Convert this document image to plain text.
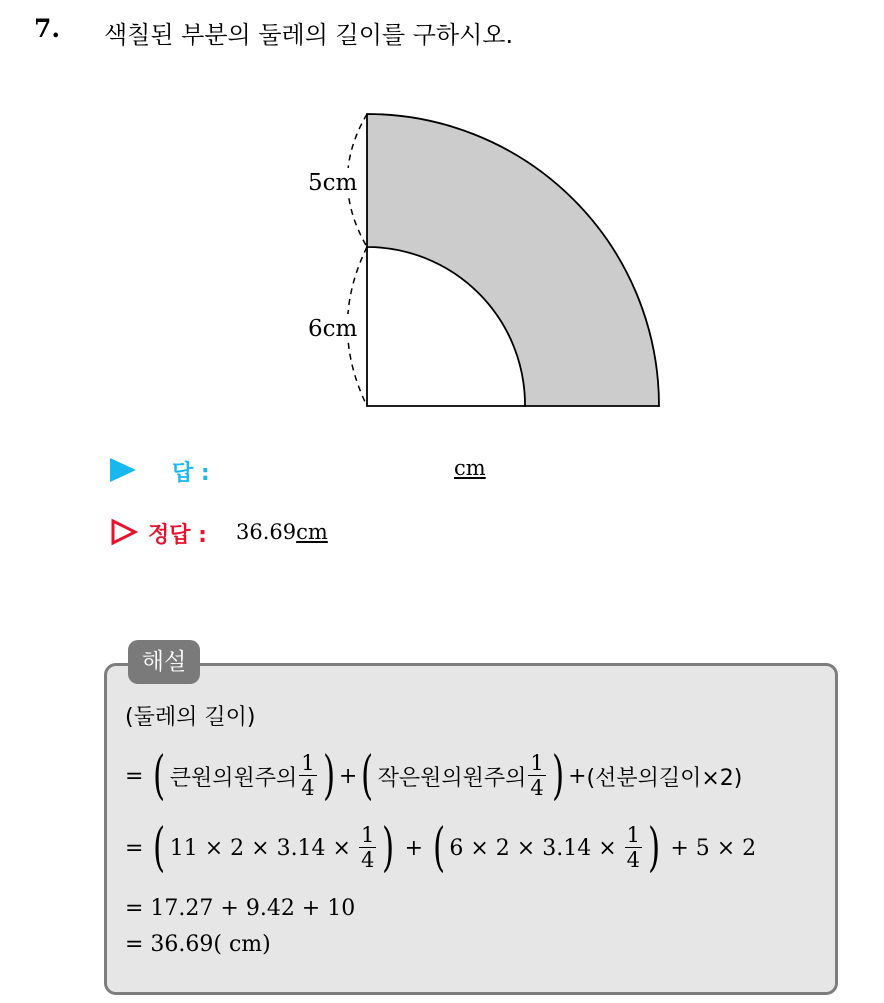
7. 색칠된 부분의 둘레의 길이를 구하시오.
5cm
6cm
답 :	cm
정답 : 36.69cm
해설
(둘레의 길이)
= ( 큰원의원주의 $\frac{1}{4}$ ) + ( 작은원의원주의 $\frac{1}{4}$ ) + (선분의길이×2)
= ( $11 \times 2 \times 3.14 \times \frac{1}{4}$ ) + ( $6 \times 2 \times 3.14 \times \frac{1}{4}$ ) + 5 × 2
= 17.27 + 9.42 + 10
= 36.69( cm)
